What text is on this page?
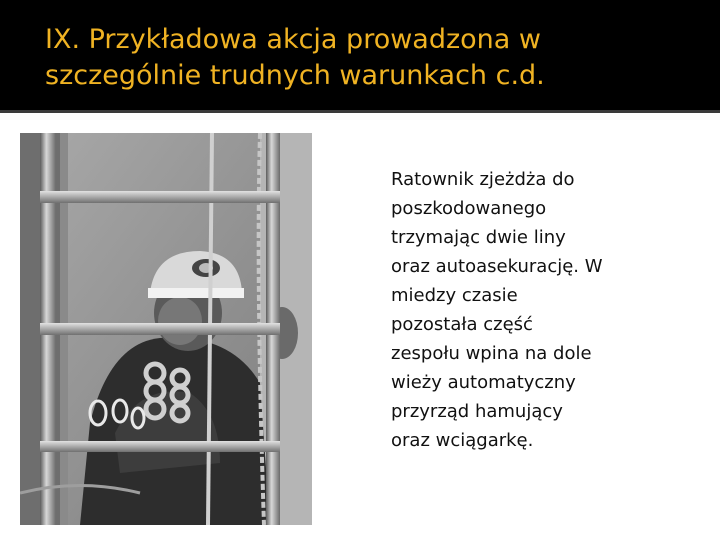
IX. Przykładowa akcja prowadzona w
szczególnie trudnych warunkach c.d.
Ratownik zjeżdża do
poszkodowanego
trzymając dwie liny
oraz autoasekurację. W
miedzy czasie
pozostała część
zespołu wpina na dole
wieży automatyczny
przyrząd hamujący
oraz wciągarkę.
